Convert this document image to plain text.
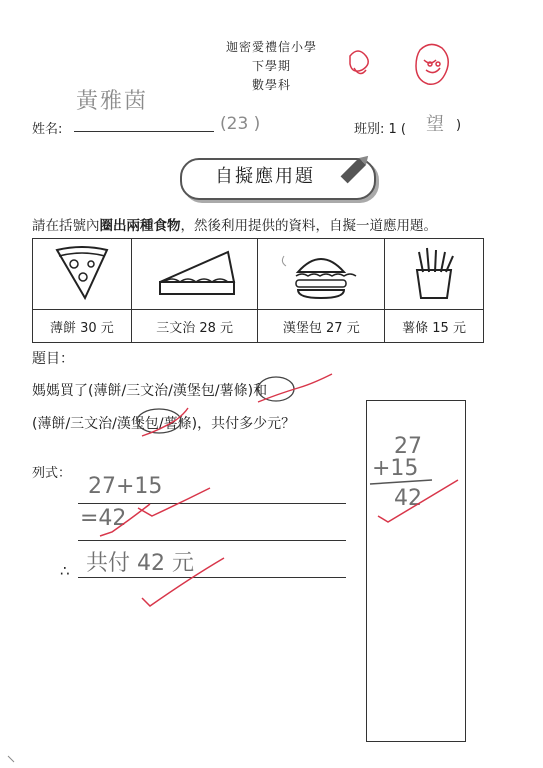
迦密愛禮信小學
下學期
數學科
姓名:
黃雅茵
(23 )	班別: 1 ( 望 )
自擬應用題
請在括號內圈出兩種食物，然後利用提供的資料，自擬一道應用題。

薄餅 30 元	三文治 28 元	漢堡包 27 元	薯條 15 元
題目：
媽媽買了(薄餅/三文治/漢堡包/薯條)和
(薄餅/三文治/漢堡包/薯條)，共付多少元？
列式：
27+15
=42
∴ 共付 42 元
27
+15
42
